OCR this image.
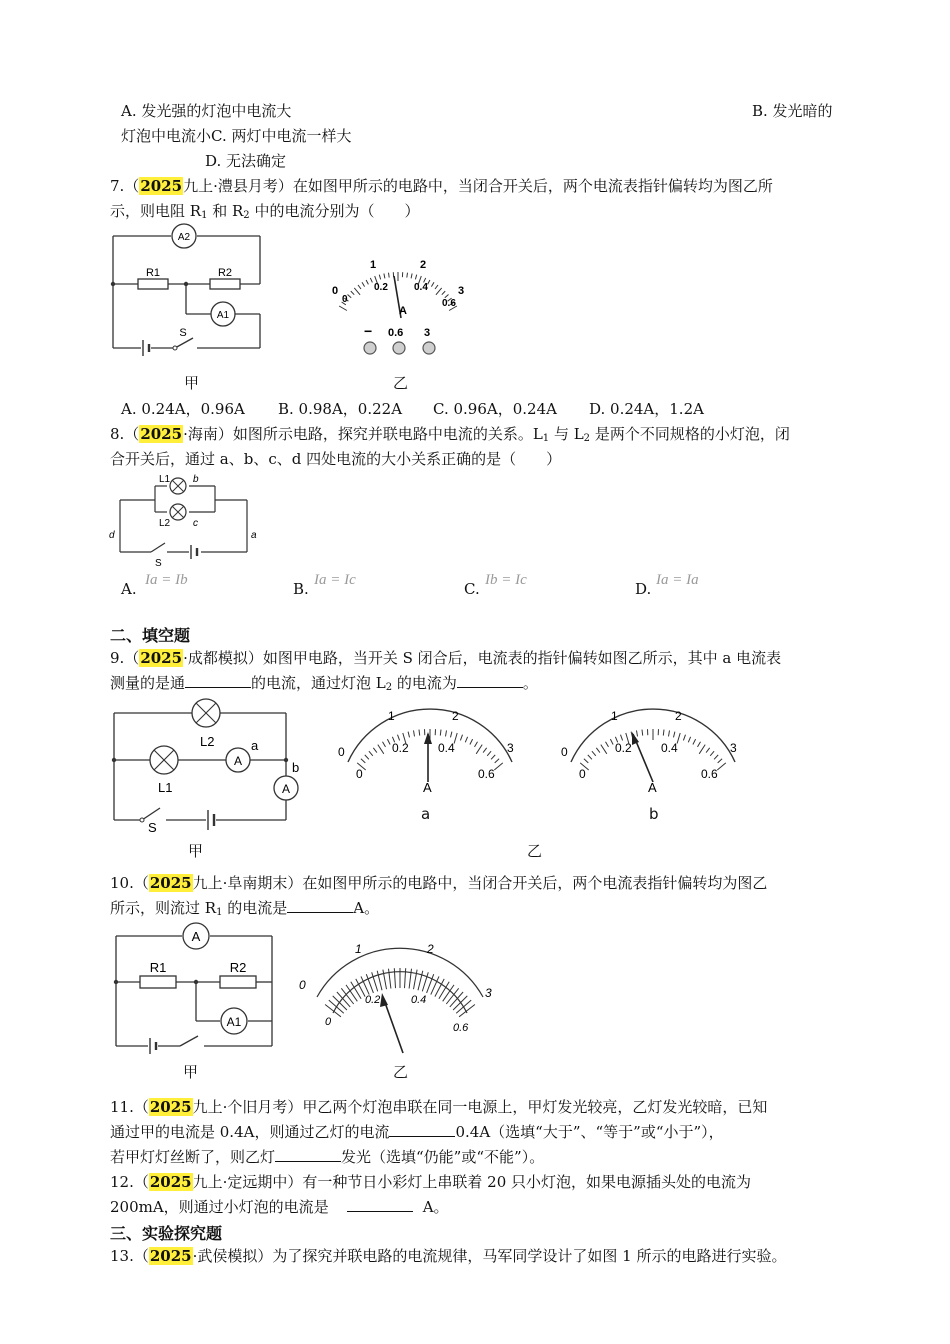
A. 发光强的灯泡中电流大	B. 发光暗的
灯泡中电流小C. 两灯中电流一样大
D. 无法确定
7.（2025九上·澧县月考）在如图甲所示的电路中，当闭合开关后，两个电流表指针偏转均为图乙所
示，则电阻 $R_1$ 和 $R_2$ 中的电流分别为（　　）
A2
A1
R1	R2
S
甲
0
1	2
3
0
0.2	0.4
0.6
A
− 0.6 3
乙
A. 0.24A，0.96A B. 0.98A，0.22A C. 0.96A，0.24A D. 0.24A，1.2A
8.（2025·海南）如图所示电路，探究并联电路中电流的关系。$L_1$ 与 $L_2$ 是两个不同规格的小灯泡，闭
合开关后，通过 a、b、c、d 四处电流的大小关系正确的是（　　）
L1
L2
b
c
d	a
S
A. Ia = Ib	B. Ia = Ic	C. Ib = Ic	D. Ia = Ia
二、填空题
9.（2025·成都模拟）如图甲电路，当开关 S 闭合后，电流表的指针偏转如图乙所示，其中 a 电流表
测量的是通	的电流，通过灯泡 $L_2$ 的电流为	。
L2
L1
A
A
a
b
S
甲
0
1	2
3
0
0.2 0.4
0.6
A
a
0
1	2
3
0
0.2 0.4
0.6
A
b
乙
10.（2025九上·阜南期末）在如图甲所示的电路中，当闭合开关后，两个电流表指针偏转均为图乙
所示，则流过 $R_1$ 的电流是	A。
A
A1
R1	R2
甲
0
1	2
3
0
0.2	0.4
0.6
乙
11.（2025九上·个旧月考）甲乙两个灯泡串联在同一电源上，甲灯发光较亮，乙灯发光较暗，已知
通过甲的电流是 0.4A，则通过乙灯的电流	0.4A（选填“大于”、“等于”或“小于”），
若甲灯灯丝断了，则乙灯	发光（选填“仍能”或“不能”）。
12.（2025九上·定远期中）有一种节日小彩灯上串联着 20 只小灯泡，如果电源插头处的电流为
200mA，则通过小灯泡的电流是	A。
三、实验探究题
13.（2025·武侯模拟）为了探究并联电路的电流规律，马军同学设计了如图 1 所示的电路进行实验。
